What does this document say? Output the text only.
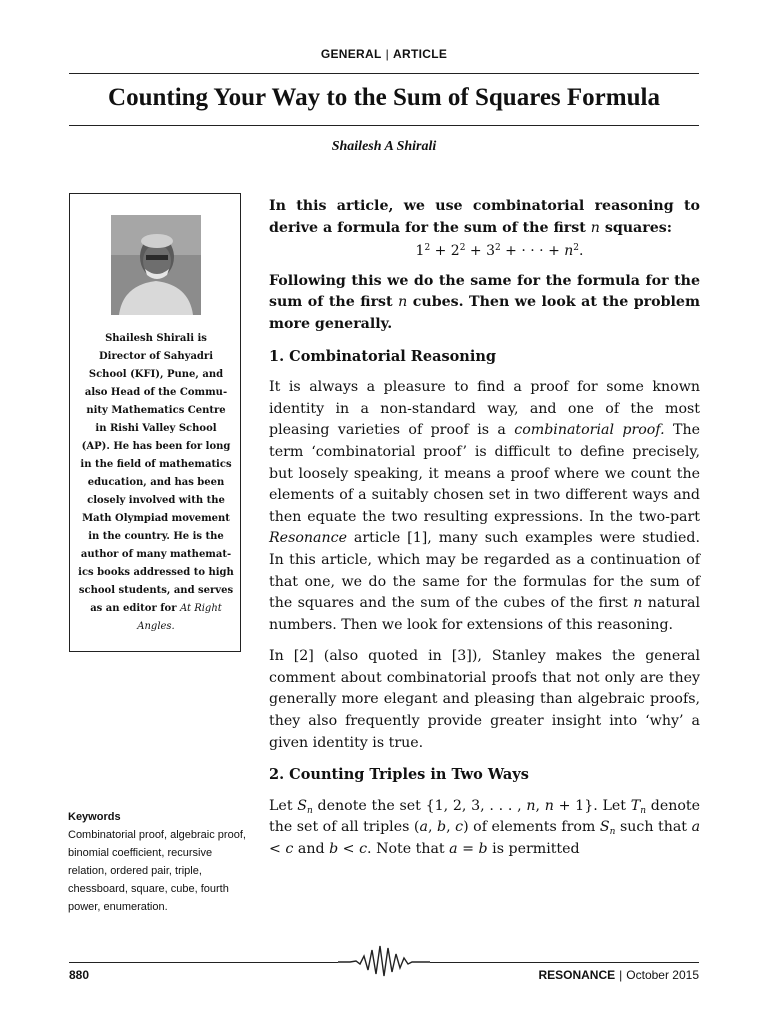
GENERAL | ARTICLE
Counting Your Way to the Sum of Squares Formula
Shailesh A Shirali
Shailesh Shirali is
Director of Sahyadri
School (KFI), Pune, and
also Head of the Commu-
nity Mathematics Centre
in Rishi Valley School
(AP). He has been for long
in the field of mathematics
education, and has been
closely involved with the
Math Olympiad movement
in the country. He is the
author of many mathemat-
ics books addressed to high
school students, and serves
as an editor for At Right
Angles.
Keywords
Combinatorial proof, algebraic proof, binomial coefficient, recursive relation, ordered pair, triple, chessboard, square, cube, fourth power, enumeration.

In this article, we use combinatorial reasoning to derive a formula for the sum of the first n squares:

$1^2 + 2^2 + 3^2$ + · · · + $n^2$.

Following this we do the same for the formula for the sum of the first n cubes. Then we look at the problem more generally.

1. Combinatorial Reasoning

It is always a pleasure to find a proof for some known identity in a non-standard way, and one of the most pleasing varieties of proof is a combinatorial proof. The term ‘combinatorial proof’ is difficult to define precisely, but loosely speaking, it means a proof where we count the elements of a suitably chosen set in two different ways and then equate the two resulting expressions. In the two-part Resonance article [1], many such examples were studied. In this article, which may be regarded as a continuation of that one, we do the same for the formulas for the sum of the squares and the sum of the cubes of the first n natural numbers. Then we look for extensions of this reasoning.

In [2] (also quoted in [3]), Stanley makes the general comment about combinatorial proofs that not only are they generally more elegant and pleasing than algebraic proofs, they also frequently provide greater insight into ‘why’ a given identity is true.

2. Counting Triples in Two Ways

Let $S_n$ denote the set {1, 2, 3, . . . , n, n + 1}. Let $T_n$ denote the set of all triples (a, b, c) of elements from $S_n$ such that a < c and b < c. Note that a = b is permitted

880	RESONANCE | October 2015
